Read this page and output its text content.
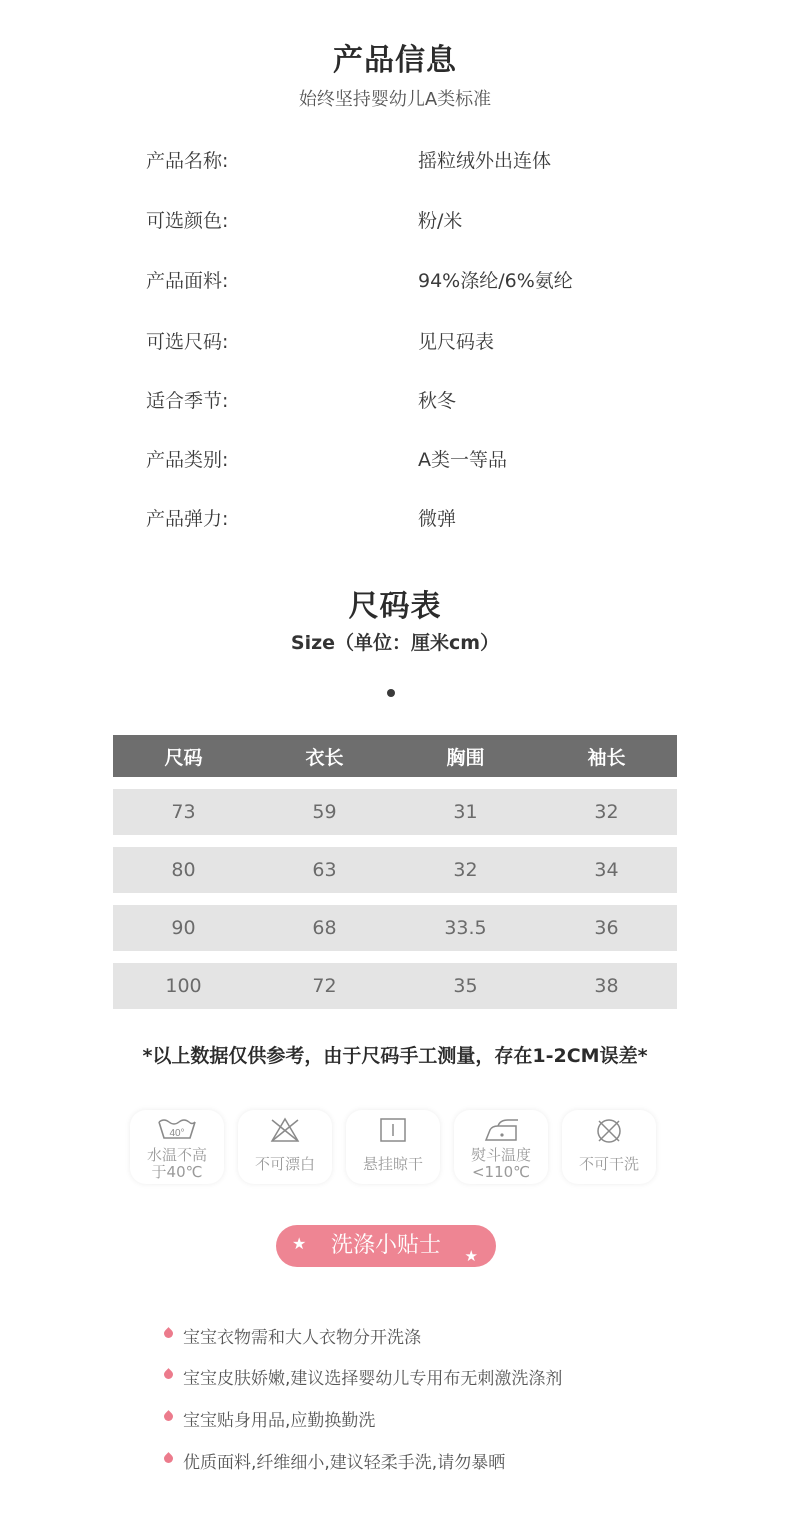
产品信息
始终坚持婴幼儿A类标准
产品名称:	摇粒绒外出连体
可选颜色:	粉/米
产品面料:	94%涤纶/6%氨纶
可选尺码:	见尺码表
适合季节:	秋冬
产品类别:	A类一等品
产品弹力:	微弹
尺码表
Size（单位：厘米cm）
尺码	衣长	胸围	袖长
73	59	31	32
80	63	32	34
90	68	33.5	36
100	72	35	38
*以上数据仅供参考，由于尺码手工测量，存在1-2CM误差*
40°
水温不高
于40℃	不可漂白	悬挂晾干	熨斗温度
<110℃	不可干洗
★ 洗涤小贴士 ★
宝宝衣物需和大人衣物分开洗涤
宝宝皮肤娇嫩,建议选择婴幼儿专用布无刺激洗涤剂
宝宝贴身用品,应勤换勤洗
优质面料,纤维细小,建议轻柔手洗,请勿暴晒
